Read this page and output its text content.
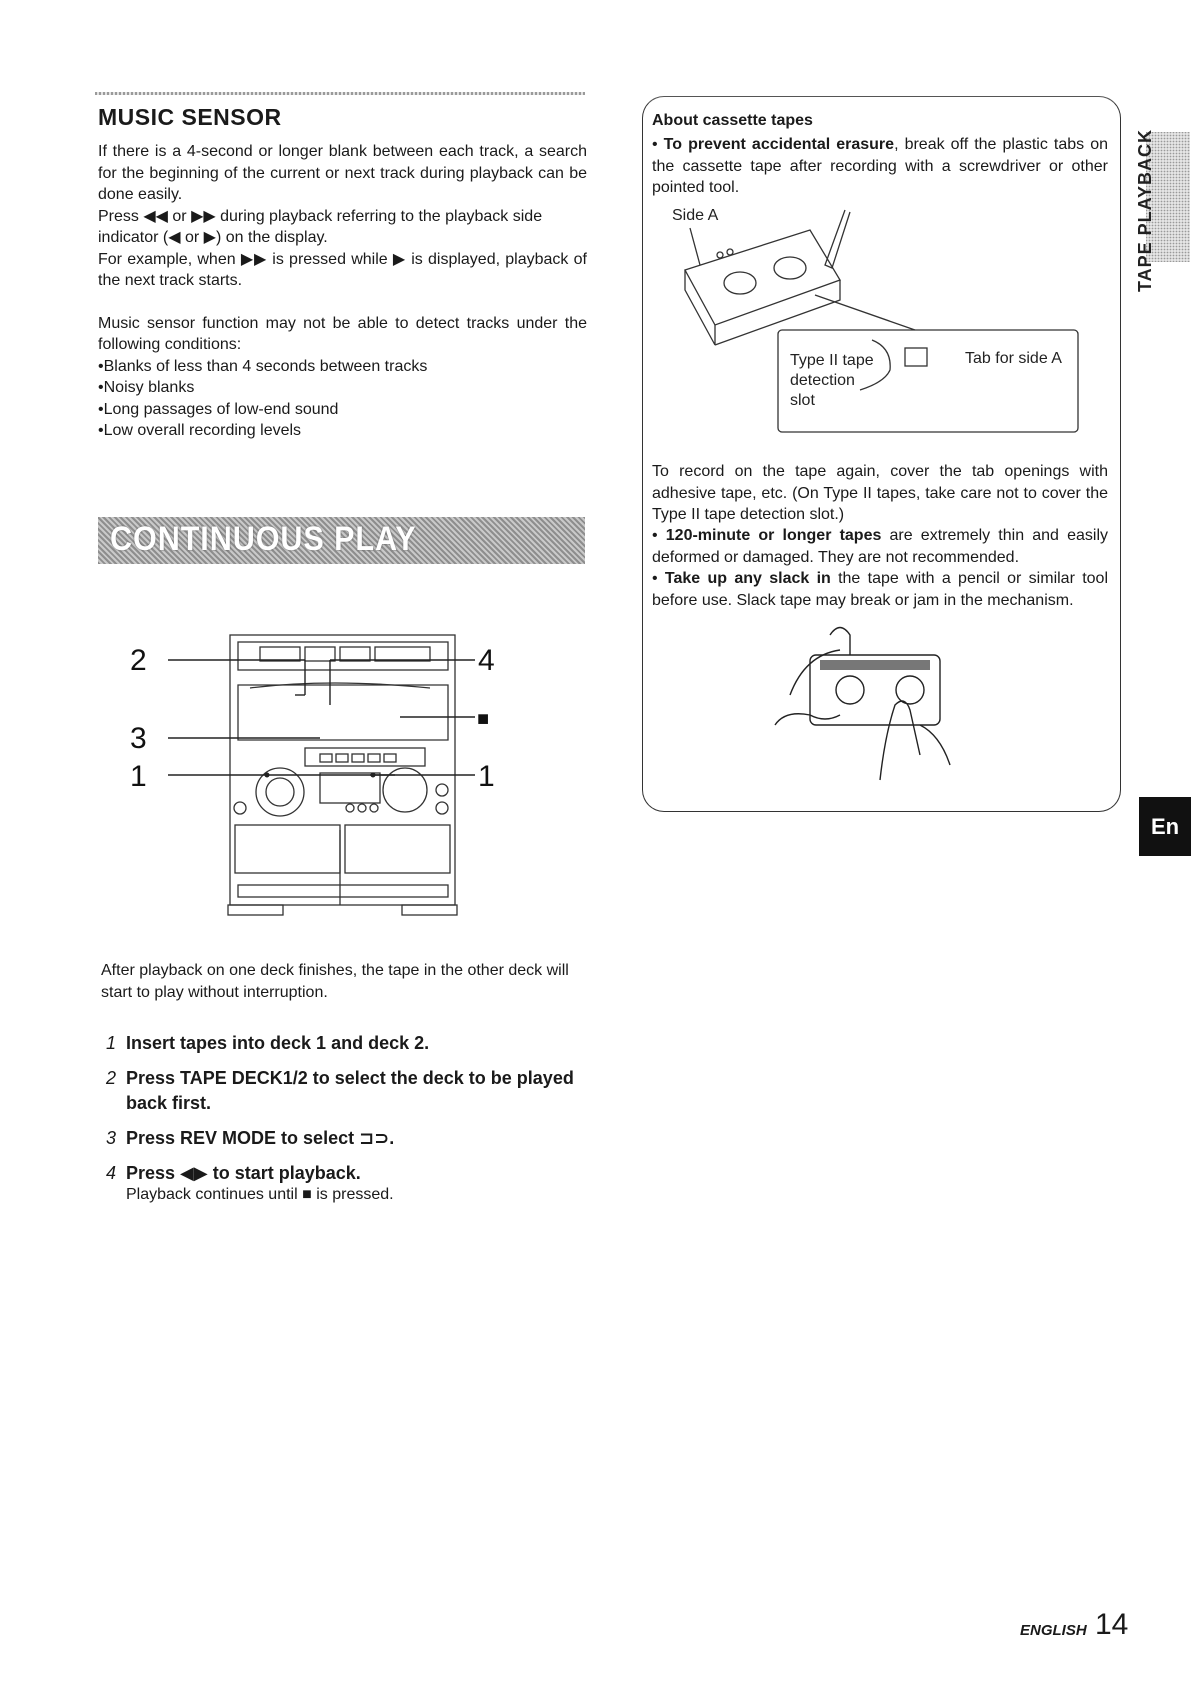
MUSIC SENSOR

If there is a 4-second or longer blank between each track, a search for the beginning of the current or next track during playback can be done easily.

Press ◀◀ or ▶▶ during playback referring to the playback side indicator (◀ or ▶) on the display.

For example, when ▶▶ is pressed while ▶ is displayed, playback of the next track starts.

Music sensor function may not be able to detect tracks under the following conditions:

• Blanks of less than 4 seconds between tracks
• Noisy blanks
• Long passages of low-end sound
• Low overall recording levels
CONTINUOUS PLAY
2
3
1
4
■
1

After playback on one deck finishes, the tape in the other deck will start to play without interruption.

1 Insert tapes into deck 1 and deck 2.
2 Press TAPE DECK1/2 to select the deck to be played back first.
3 Press REV MODE to select ⊐⊃.
4 Press ◀▶ to start playback.

Playback continues until ■ is pressed.

About cassette tapes

• To prevent accidental erasure, break off the plastic tabs on the cassette tape after recording with a screwdriver or other pointed tool.

Side A
Type II tape
detection
slot
Tab for side A

To record on the tape again, cover the tab openings with adhesive tape, etc. (On Type II tapes, take care not to cover the Type II tape detection slot.)

• 120-minute or longer tapes are extremely thin and easily deformed or damaged. They are not recommended.

• Take up any slack in the tape with a pencil or similar tool before use. Slack tape may break or jam in the mechanism.

TAPE PLAYBACK
En
ENGLISH 14
